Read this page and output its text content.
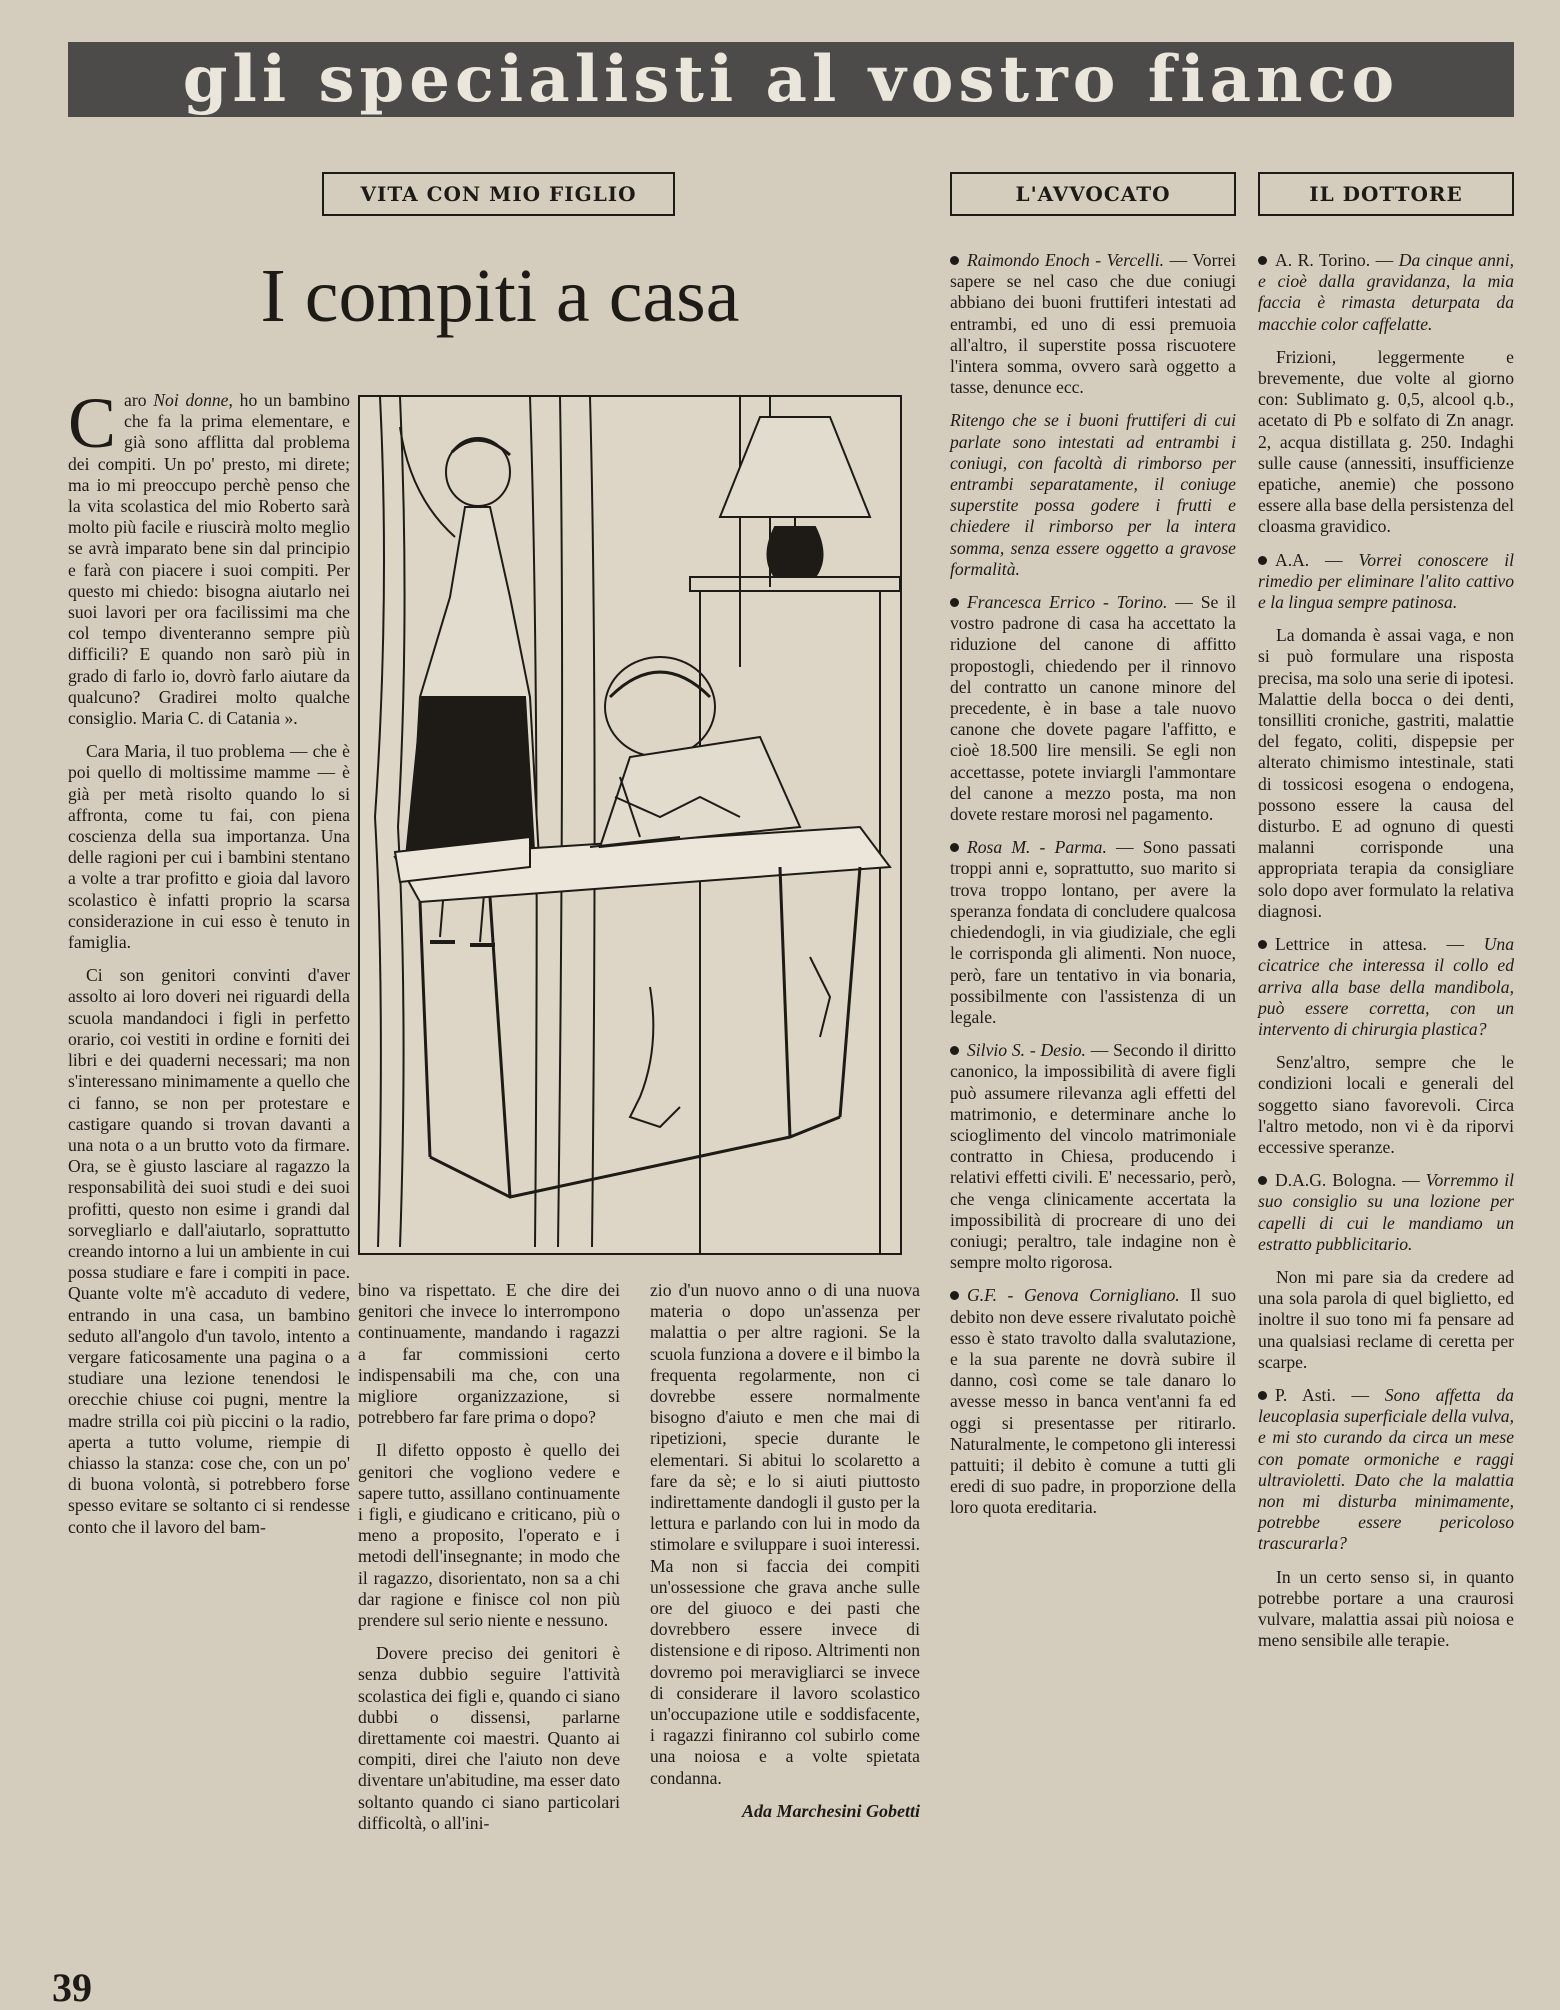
gli specialisti al vostro fianco
VITA CON MIO FIGLIO	L'AVVOCATO	IL DOTTORE
I compiti a casa
C aro Noi donne, ho un bambino che fa la prima elementare, e già sono afflitta dal problema dei compiti. Un po' presto, mi direte; ma io mi preoccupo perchè penso che la vita scolastica del mio Roberto sarà molto più facile e riuscirà molto meglio se avrà imparato bene sin dal principio e farà con piacere i suoi compiti. Per questo mi chiedo: bisogna aiutarlo nei suoi lavori per ora facilissimi ma che col tempo diventeranno sempre più difficili? E quando non sarò più in grado di farlo io, dovrò farlo aiutare da qualcuno? Gradirei molto qualche consiglio. Maria C. di Catania ».

Cara Maria, il tuo problema — che è poi quello di moltissime mamme — è già per metà risolto quando lo si affronta, come tu fai, con piena coscienza della sua importanza. Una delle ragioni per cui i bambini stentano a volte a trar profitto e gioia dal lavoro scolastico è infatti proprio la scarsa considerazione in cui esso è tenuto in famiglia.

Ci son genitori convinti d'aver assolto ai loro doveri nei riguardi della scuola mandandoci i figli in perfetto orario, coi vestiti in ordine e forniti dei libri e dei quaderni necessari; ma non s'interessano minimamente a quello che ci fanno, se non per protestare e castigare quando si trovan davanti a una nota o a un brutto voto da firmare. Ora, se è giusto lasciare al ragazzo la responsabilità dei suoi studi e dei suoi profitti, questo non esime i grandi dal sorvegliarlo e dall'aiutarlo, soprattutto creando intorno a lui un ambiente in cui possa studiare e fare i compiti in pace. Quante volte m'è accaduto di vedere, entrando in una casa, un bambino seduto all'angolo d'un tavolo, intento a vergare faticosamente una pagina o a studiare una lezione tenendosi le orecchie chiuse coi pugni, mentre la madre strilla coi più piccini o la radio, aperta a tutto volume, riempie di chiasso la stanza: cose che, con un po' di buona volontà, si potrebbero forse spesso evitare se soltanto ci si rendesse conto che il lavoro del bam-

bino va rispettato. E che dire dei genitori che invece lo interrompono continuamente, mandando i ragazzi a far commissioni certo indispensabili ma che, con una migliore organizzazione, si potrebbero far fare prima o dopo?

Il difetto opposto è quello dei genitori che vogliono vedere e sapere tutto, assillano continuamente i figli, e giudicano e criticano, più o meno a proposito, l'operato e i metodi dell'insegnante; in modo che il ragazzo, disorientato, non sa a chi dar ragione e finisce col non più prendere sul serio niente e nessuno.

Dovere preciso dei genitori è senza dubbio seguire l'attività scolastica dei figli e, quando ci siano dubbi o dissensi, parlarne direttamente coi maestri. Quanto ai compiti, direi che l'aiuto non deve diventare un'abitudine, ma esser dato soltanto quando ci siano particolari difficoltà, o all'ini-

zio d'un nuovo anno o di una nuova materia o dopo un'assenza per malattia o per altre ragioni. Se la scuola funziona a dovere e il bimbo la frequenta regolarmente, non ci dovrebbe essere normalmente bisogno d'aiuto e men che mai di ripetizioni, specie durante le elementari. Si abitui lo scolaretto a fare da sè; e lo si aiuti piuttosto indirettamente dandogli il gusto per la lettura e parlando con lui in modo da stimolare e sviluppare i suoi interessi. Ma non si faccia dei compiti un'ossessione che grava anche sulle ore del giuoco e dei pasti che dovrebbero essere invece di distensione e di riposo. Altrimenti non dovremo poi meravigliarci se invece di considerare il lavoro scolastico un'occupazione utile e soddisfacente, i ragazzi finiranno col subirlo come una noiosa e a volte spietata condanna.

Ada Marchesini Gobetti

Raimondo Enoch - Vercelli. — Vorrei sapere se nel caso che due coniugi abbiano dei buoni fruttiferi intestati ad entrambi, ed uno di essi premuoia all'altro, il superstite possa riscuotere l'intera somma, ovvero sarà oggetto a tasse, denunce ecc.

Ritengo che se i buoni fruttiferi di cui parlate sono intestati ad entrambi i coniugi, con facoltà di rimborso per entrambi separatamente, il coniuge superstite possa godere i frutti e chiedere il rimborso per la intera somma, senza essere oggetto a gravose formalità.

Francesca Errico - Torino. — Se il vostro padrone di casa ha accettato la riduzione del canone di affitto propostogli, chiedendo per il rinnovo del contratto un canone minore del precedente, è in base a tale nuovo canone che dovete pagare l'affitto, e cioè 18.500 lire mensili. Se egli non accettasse, potete inviargli l'ammontare del canone a mezzo posta, ma non dovete restare morosi nel pagamento.

Rosa M. - Parma. — Sono passati troppi anni e, soprattutto, suo marito si trova troppo lontano, per avere la speranza fondata di concludere qualcosa chiedendogli, in via giudiziale, che egli le corrisponda gli alimenti. Non nuoce, però, fare un tentativo in via bonaria, possibilmente con l'assistenza di un legale.

Silvio S. - Desio. — Secondo il diritto canonico, la impossibilità di avere figli può assumere rilevanza agli effetti del matrimonio, e determinare anche lo scioglimento del vincolo matrimoniale contratto in Chiesa, producendo i relativi effetti civili. E' necessario, però, che venga clinicamente accertata la impossibilità di procreare di uno dei coniugi; peraltro, tale indagine non è sempre molto rigorosa.

G.F. - Genova Cornigliano. Il suo debito non deve essere rivalutato poichè esso è stato travolto dalla svalutazione, e la sua parente ne dovrà subire il danno, così come se tale danaro lo avesse messo in banca vent'anni fa ed oggi si presentasse per ritirarlo. Naturalmente, le competono gli interessi pattuiti; il debito è comune a tutti gli eredi di suo padre, in proporzione della loro quota ereditaria.

A. R. Torino. — Da cinque anni, e cioè dalla gravidanza, la mia faccia è rimasta deturpata da macchie color caffelatte.

Frizioni, leggermente e brevemente, due volte al giorno con: Sublimato g. 0,5, alcool q.b., acetato di Pb e solfato di Zn anagr. 2, acqua distillata g. 250. Indaghi sulle cause (annessiti, insufficienze epatiche, anemie) che possono essere alla base della persistenza del cloasma gravidico.

A.A. — Vorrei conoscere il rimedio per eliminare l'alito cattivo e la lingua sempre patinosa.

La domanda è assai vaga, e non si può formulare una risposta precisa, ma solo una serie di ipotesi. Malattie della bocca o dei denti, tonsilliti croniche, gastriti, malattie del fegato, coliti, dispepsie per alterato chimismo intestinale, stati di tossicosi esogena o endogena, possono essere la causa del disturbo. E ad ognuno di questi malanni corrisponde una appropriata terapia da consigliare solo dopo aver formulato la relativa diagnosi.

Lettrice in attesa. — Una cicatrice che interessa il collo ed arriva alla base della mandibola, può essere corretta, con un intervento di chirurgia plastica?

Senz'altro, sempre che le condizioni locali e generali del soggetto siano favorevoli. Circa l'altro metodo, non vi è da riporvi eccessive speranze.

D.A.G. Bologna. — Vorremmo il suo consiglio su una lozione per capelli di cui le mandiamo un estratto pubblicitario.

Non mi pare sia da credere ad una sola parola di quel biglietto, ed inoltre il suo tono mi fa pensare ad una qualsiasi reclame di ceretta per scarpe.

P. Asti. — Sono affetta da leucoplasia superficiale della vulva, e mi sto curando da circa un mese con pomate ormoniche e raggi ultravioletti. Dato che la malattia non mi disturba minimamente, potrebbe essere pericoloso trascurarla?

In un certo senso si, in quanto potrebbe portare a una craurosi vulvare, malattia assai più noiosa e meno sensibile alle terapie.

39
